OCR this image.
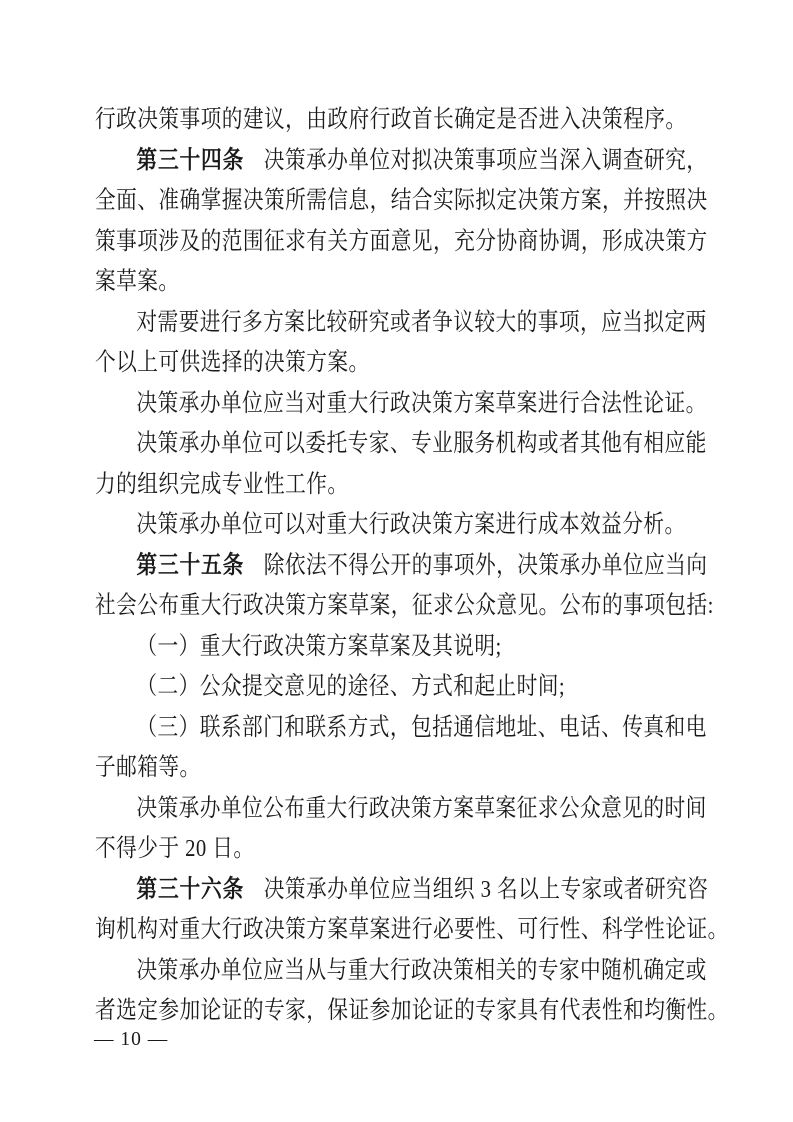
行政决策事项的建议，由政府行政首长确定是否进入决策程序。
第三十四条 决策承办单位对拟决策事项应当深入调查研究，
全面、准确掌握决策所需信息，结合实际拟定决策方案，并按照决
策事项涉及的范围征求有关方面意见，充分协商协调，形成决策方
案草案。
对需要进行多方案比较研究或者争议较大的事项，应当拟定两
个以上可供选择的决策方案。
决策承办单位应当对重大行政决策方案草案进行合法性论证。
决策承办单位可以委托专家、专业服务机构或者其他有相应能
力的组织完成专业性工作。
决策承办单位可以对重大行政决策方案进行成本效益分析。
第三十五条 除依法不得公开的事项外，决策承办单位应当向
社会公布重大行政决策方案草案，征求公众意见。公布的事项包括:
（一）重大行政决策方案草案及其说明;
（二）公众提交意见的途径、方式和起止时间;
（三）联系部门和联系方式，包括通信地址、电话、传真和电
子邮箱等。
决策承办单位公布重大行政决策方案草案征求公众意见的时间
不得少于 20 日。
第三十六条 决策承办单位应当组织 3 名以上专家或者研究咨
询机构对重大行政决策方案草案进行必要性、可行性、科学性论证。
决策承办单位应当从与重大行政决策相关的专家中随机确定或
者选定参加论证的专家，保证参加论证的专家具有代表性和均衡性。
— 10 —
